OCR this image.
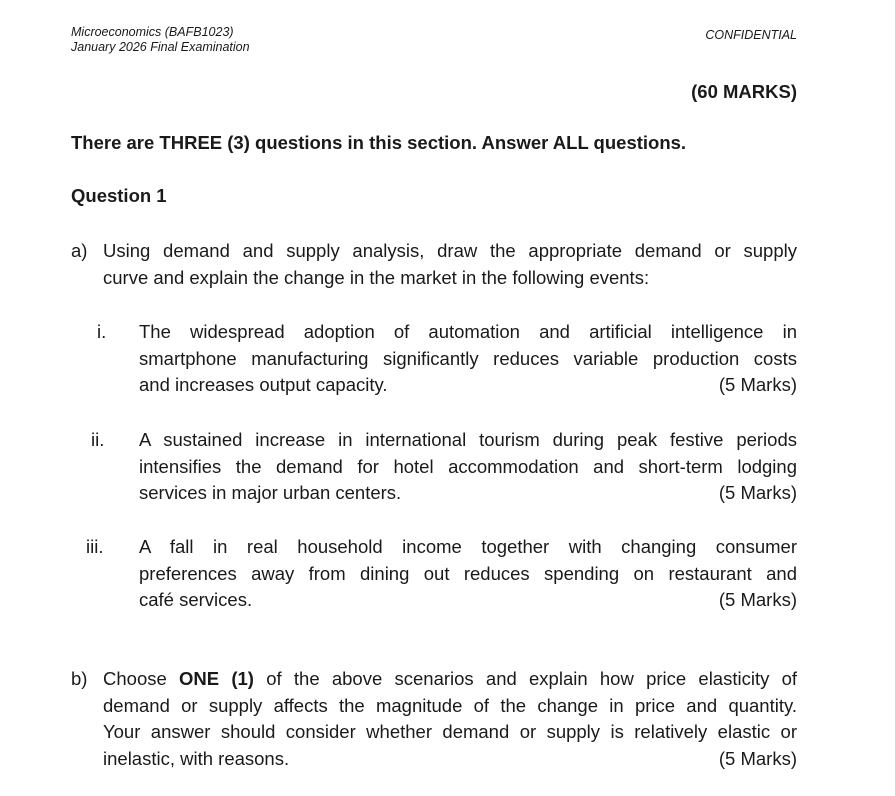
Microeconomics (BAFB1023)
January 2026 Final Examination
CONFIDENTIAL
(60 MARKS)
There are THREE (3) questions in this section. Answer ALL questions.
Question 1
a) Using demand and supply analysis, draw the appropriate demand or supply
curve and explain the change in the market in the following events:
i. The widespread adoption of automation and artificial intelligence in
smartphone manufacturing significantly reduces variable production costs
and increases output capacity.	(5 Marks)
ii. A sustained increase in international tourism during peak festive periods
intensifies the demand for hotel accommodation and short-term lodging
services in major urban centers.	(5 Marks)
iii. A fall in real household income together with changing consumer
preferences away from dining out reduces spending on restaurant and
café services.	(5 Marks)
b) Choose ONE (1) of the above scenarios and explain how price elasticity of
demand or supply affects the magnitude of the change in price and quantity.
Your answer should consider whether demand or supply is relatively elastic or
inelastic, with reasons.	(5 Marks)
